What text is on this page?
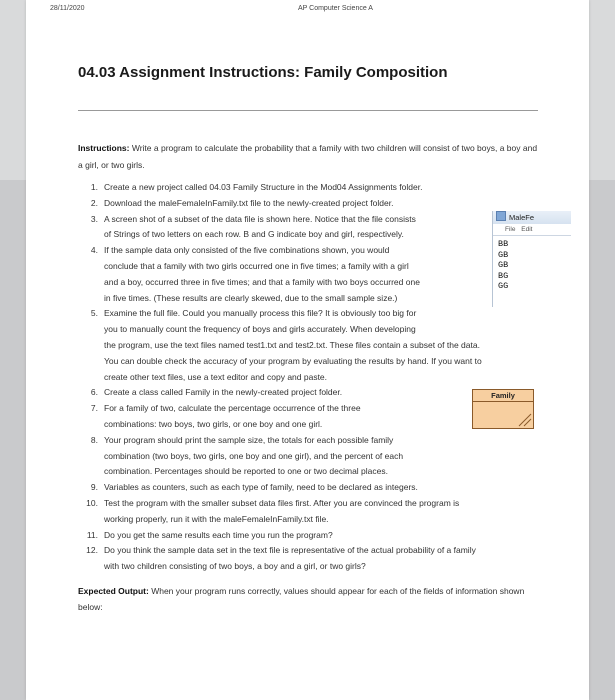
28/11/2020	AP Computer Science A
04.03 Assignment Instructions: Family Composition

Instructions: Write a program to calculate the probability that a family with two children will consist of two boys, a boy and a girl, or two girls.

1. Create a new project called 04.03 Family Structure in the Mod04 Assignments folder.
2. Download the maleFemaleInFamily.txt file to the newly-created project folder.
3. A screen shot of a subset of the data file is shown here. Notice that the file consists
of Strings of two letters on each row. B and G indicate boy and girl, respectively.
4. If the sample data only consisted of the five combinations shown, you would
conclude that a family with two girls occurred one in five times; a family with a girl
and a boy, occurred three in five times; and that a family with two boys occurred one
in five times. (These results are clearly skewed, due to the small sample size.)
5. Examine the full file. Could you manually process this file? It is obviously too big for
you to manually count the frequency of boys and girls accurately. When developing
the program, use the text files named test1.txt and test2.txt. These files contain a subset of the data.
You can double check the accuracy of your program by evaluating the results by hand. If you want to
create other text files, use a text editor and copy and paste.
6. Create a class called Family in the newly-created project folder.
7. For a family of two, calculate the percentage occurrence of the three
combinations: two boys, two girls, or one boy and one girl.
8. Your program should print the sample size, the totals for each possible family
combination (two boys, two girls, one boy and one girl), and the percent of each
combination. Percentages should be reported to one or two decimal places.
9. Variables as counters, such as each type of family, need to be declared as integers.
10. Test the program with the smaller subset data files first. After you are convinced the program is
working properly, run it with the maleFemaleInFamily.txt file.
11. Do you get the same results each time you run the program?
12. Do you think the sample data set in the text file is representative of the actual probability of a family
with two children consisting of two boys, a boy and a girl, or two girls?
MaleFe
File Edit
BB
GB
GB
BG
GG
Family

Expected Output: When your program runs correctly, values should appear for each of the fields of information shown below:
